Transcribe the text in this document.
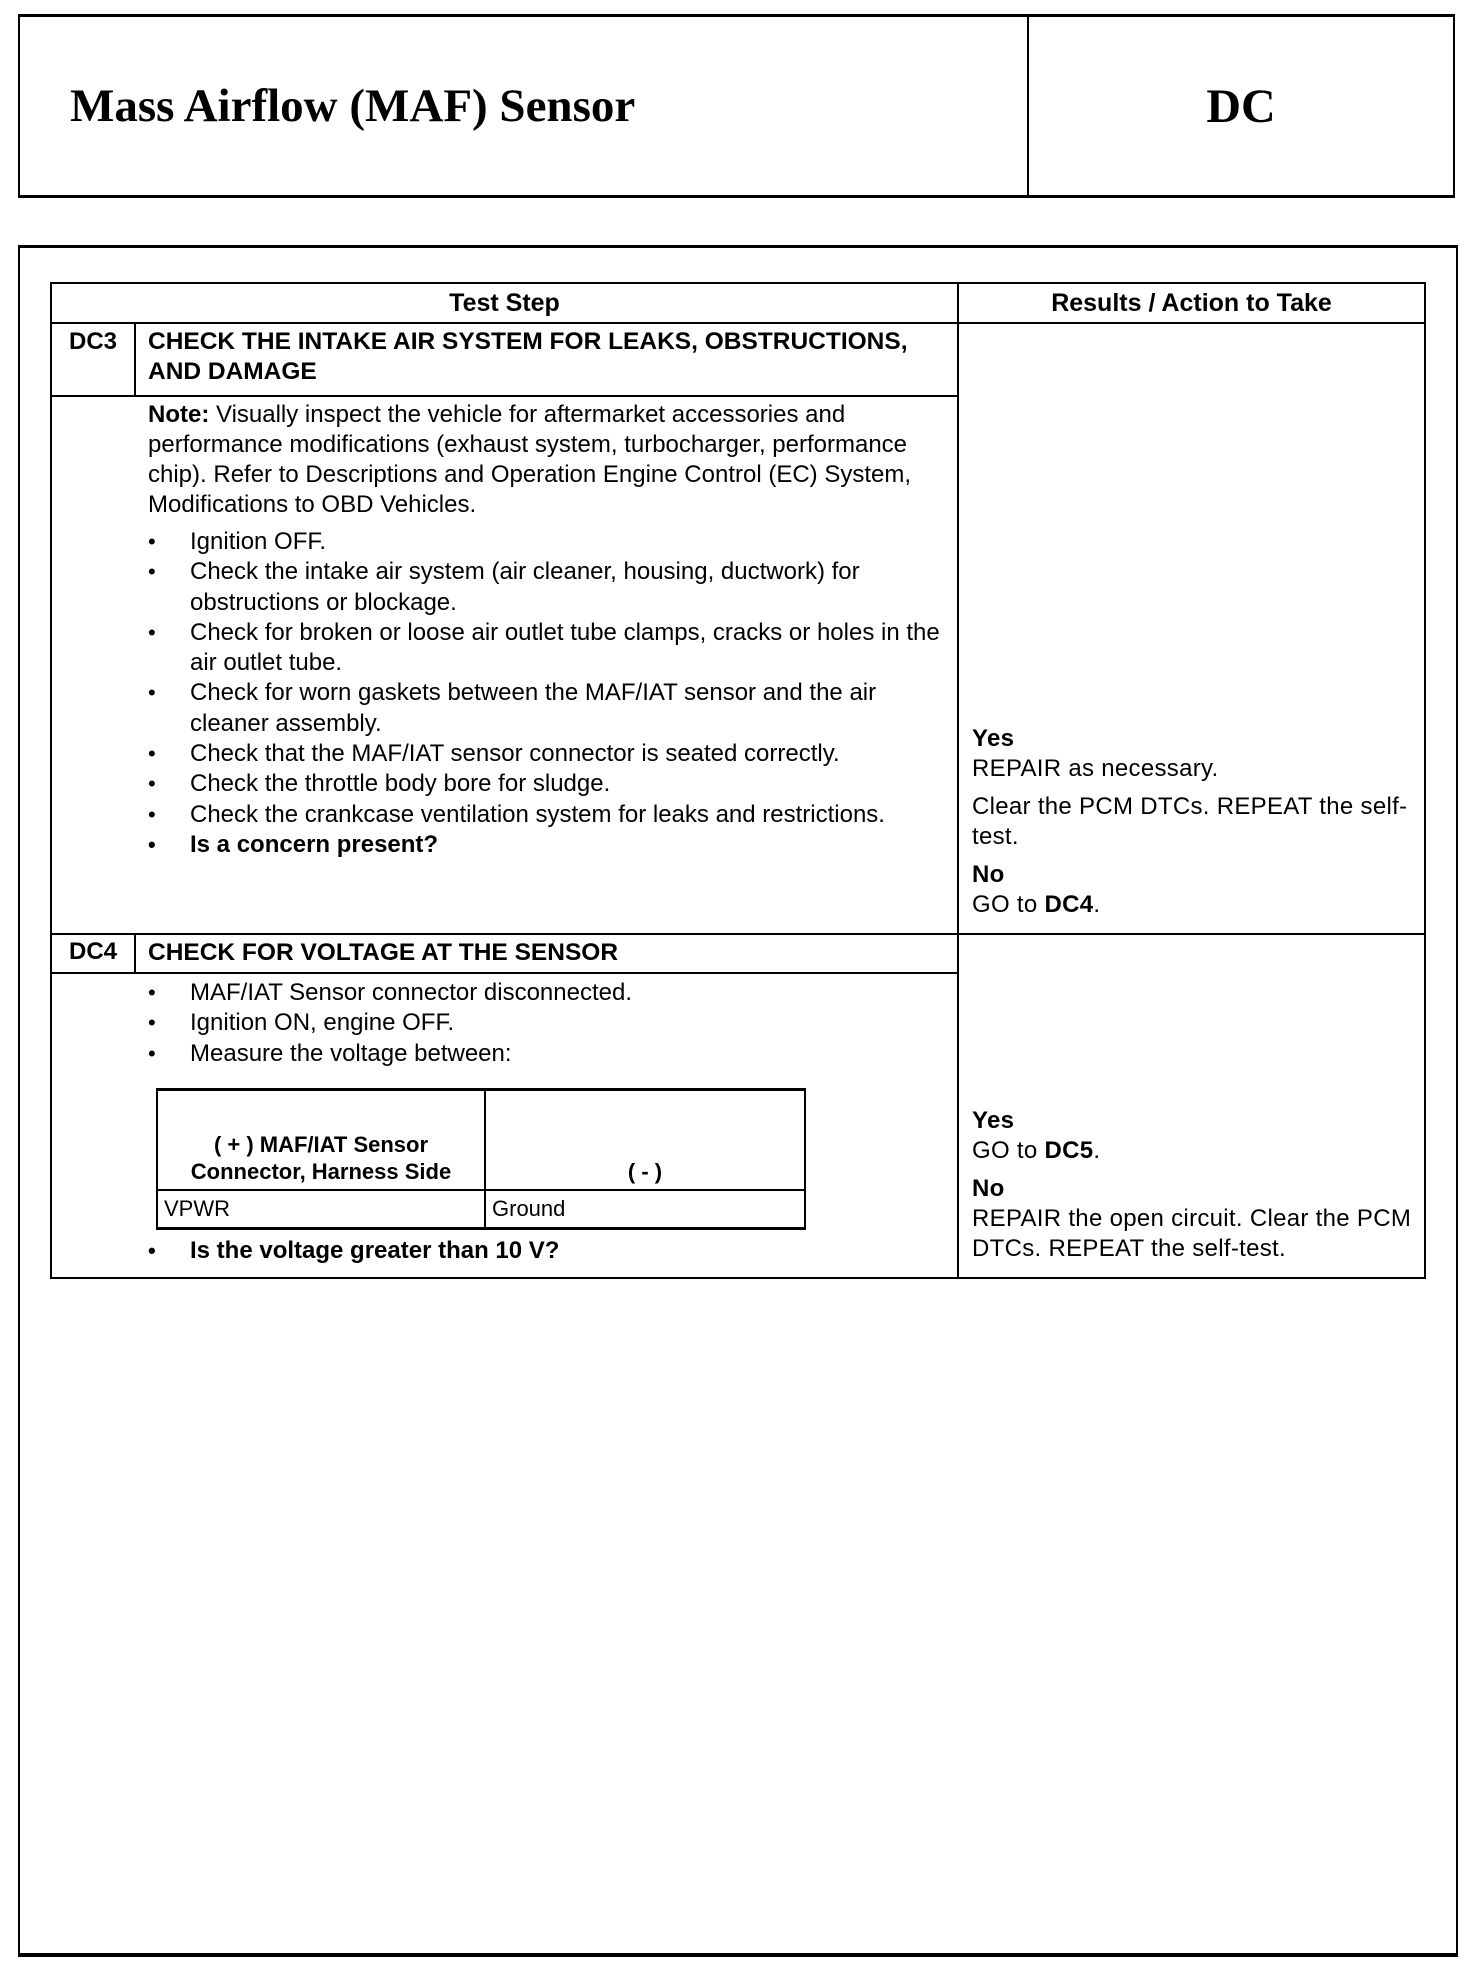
Mass Airflow (MAF) Sensor	DC
Test Step	Results / Action to Take
DC3	CHECK THE INTAKE AIR SYSTEM FOR LEAKS, OBSTRUCTIONS, AND DAMAGE
Note: Visually inspect the vehicle for aftermarket accessories and performance modifications (exhaust system, turbocharger, performance chip). Refer to Descriptions and Operation Engine Control (EC) System, Modifications to OBD Vehicles.
• Ignition OFF.
• Check the intake air system (air cleaner, housing, ductwork) for obstructions or blockage.
• Check for broken or loose air outlet tube clamps, cracks or holes in the air outlet tube.
• Check for worn gaskets between the MAF/IAT sensor and the air cleaner assembly.
• Check that the MAF/IAT sensor connector is seated correctly.
• Check the throttle body bore for sludge.
• Check the crankcase ventilation system for leaks and restrictions.
• Is a concern present?

Yes

REPAIR as necessary.

Clear the PCM DTCs. REPEAT the self-test.

No

GO to DC4.

DC4	CHECK FOR VOLTAGE AT THE SENSOR
• MAF/IAT Sensor connector disconnected.
• Ignition ON, engine OFF.
• Measure the voltage between:
( + ) MAF/IAT Sensor Connector, Harness Side	( - )
VPWR	Ground
• Is the voltage greater than 10 V?

Yes

GO to DC5.

No

REPAIR the open circuit. Clear the PCM DTCs. REPEAT the self-test.
